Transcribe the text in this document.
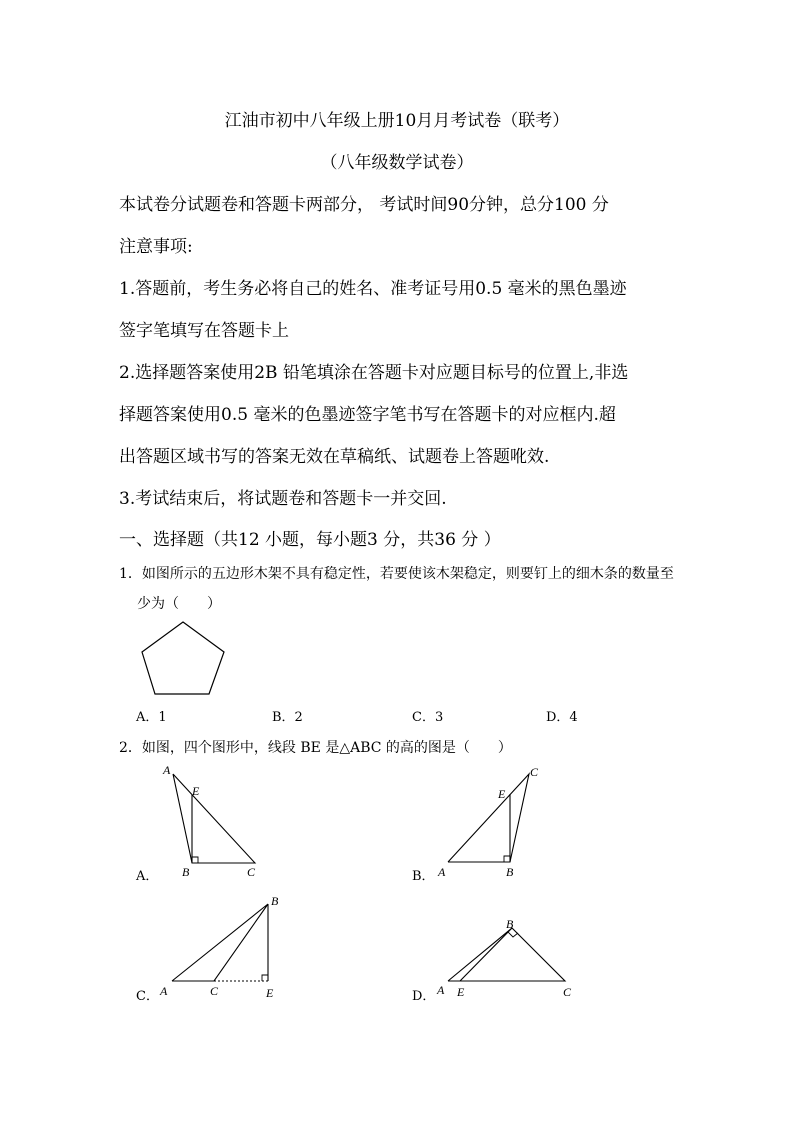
江油市初中八年级上册10月月考试卷（联考）
（八年级数学试卷）
本试卷分试题卷和答题卡两部分， 考试时间90分钟，总分100 分
注意事项:
1.答题前，考生务必将自己的姓名、准考证号用0.5 毫米的黑色墨迹
签字笔填写在答题卡上
2.选择题答案使用2B 铅笔填涂在答题卡对应题目标号的位置上,非选
择题答案使用0.5 毫米的色墨迹签字笔书写在答题卡的对应框内.超
出答题区域书写的答案无效在草稿纸、试题卷上答题吪效.
3.考试结束后，将试题卷和答题卡一并交回.
一、选择题（共12 小题，每小题3 分，共36 分 ）
1．如图所示的五边形木架不具有稳定性，若要使该木架稳定，则要钉上的细木条的数量至
少为（　　）
A．1	B．2	C．3	D．4
2．如图，四个图形中，线段 BE 是△ABC 的高的图是（　　）
A．
A
E
B	C	B．
C
E
A	B
C．
B
A	C	E	D．
B
A E	C
